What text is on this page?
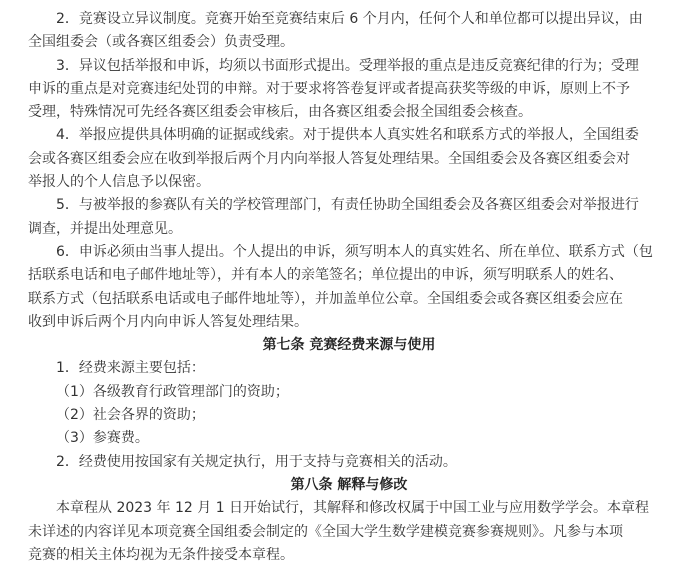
2．竞赛设立异议制度。竞赛开始至竞赛结束后 6 个月内，任何个人和单位都可以提出异议，由
全国组委会（或各赛区组委会）负责受理。
3．异议包括举报和申诉，均须以书面形式提出。受理举报的重点是违反竞赛纪律的行为；受理
申诉的重点是对竞赛违纪处罚的申辩。对于要求将答卷复评或者提高获奖等级的申诉，原则上不予
受理，特殊情况可先经各赛区组委会审核后，由各赛区组委会报全国组委会核查。
4．举报应提供具体明确的证据或线索。对于提供本人真实姓名和联系方式的举报人，全国组委
会或各赛区组委会应在收到举报后两个月内向举报人答复处理结果。全国组委会及各赛区组委会对
举报人的个人信息予以保密。
5．与被举报的参赛队有关的学校管理部门，有责任协助全国组委会及各赛区组委会对举报进行
调查，并提出处理意见。
6．申诉必须由当事人提出。个人提出的申诉，须写明本人的真实姓名、所在单位、联系方式（包
括联系电话和电子邮件地址等），并有本人的亲笔签名；单位提出的申诉，须写明联系人的姓名、
联系方式（包括联系电话或电子邮件地址等），并加盖单位公章。全国组委会或各赛区组委会应在
收到申诉后两个月内向申诉人答复处理结果。
第七条 竞赛经费来源与使用
1．经费来源主要包括：
（1）各级教育行政管理部门的资助；
（2）社会各界的资助；
（3）参赛费。
2．经费使用按国家有关规定执行，用于支持与竞赛相关的活动。
第八条 解释与修改
本章程从 2023 年 12 月 1 日开始试行，其解释和修改权属于中国工业与应用数学学会。本章程
未详述的内容详见本项竞赛全国组委会制定的《全国大学生数学建模竞赛参赛规则》。凡参与本项
竞赛的相关主体均视为无条件接受本章程。
